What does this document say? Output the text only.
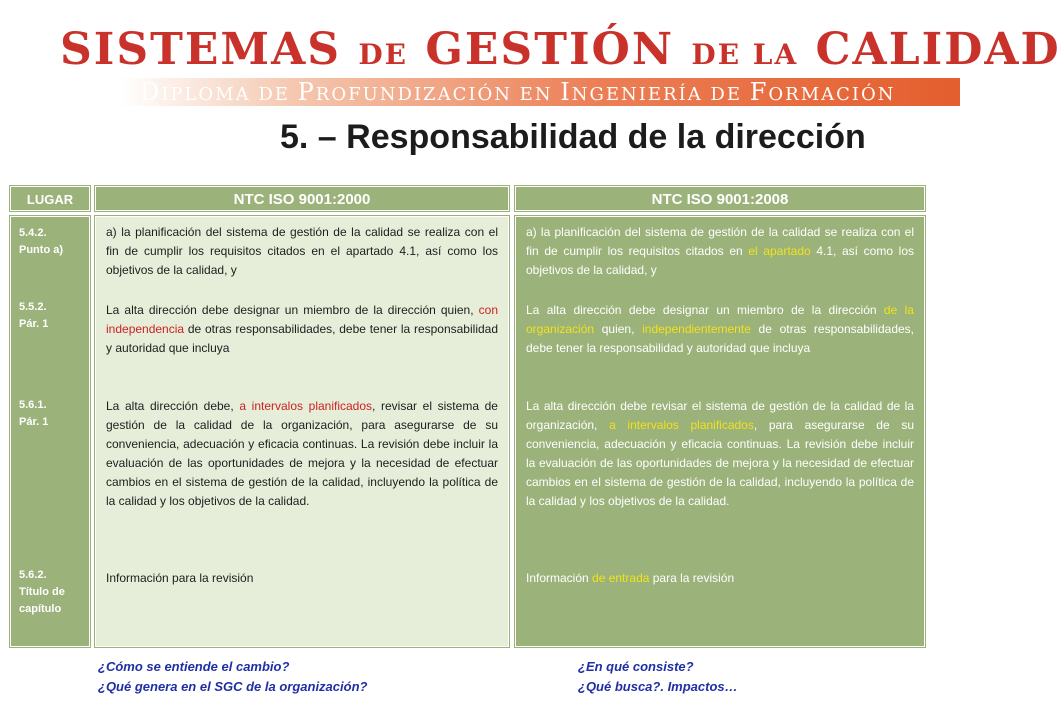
SISTEMAS DE GESTIÓN DE LA CALIDAD
DIPLOMA DE PROFUNDIZACIÓN EN INGENIERÍA DE FORMACIÓN
5. – Responsabilidad de la dirección
LUGAR	NTC ISO 9001:2000	NTC ISO 9001:2008
5.4.2.
Punto a)
5.5.2.
Pár. 1
5.6.1.
Pár. 1
5.6.2.
Título de
capítulo
a) la planificación del sistema de gestión de la calidad se realiza con el fin de cumplir los requisitos citados en el apartado 4.1, así como los objetivos de la calidad, y
La alta dirección debe designar un miembro de la dirección quien, con independencia de otras responsabilidades, debe tener la responsabilidad y autoridad que incluya
La alta dirección debe, a intervalos planificados, revisar el sistema de gestión de la calidad de la organización, para asegurarse de su conveniencia, adecuación y eficacia continuas. La revisión debe incluir la evaluación de las oportunidades de mejora y la necesidad de efectuar cambios en el sistema de gestión de la calidad, incluyendo la política de la calidad y los objetivos de la calidad.
Información para la revisión
a) la planificación del sistema de gestión de la calidad se realiza con el fin de cumplir los requisitos citados en el apartado 4.1, así como los objetivos de la calidad, y
La alta dirección debe designar un miembro de la dirección de la organización quien, independientemente de otras responsabilidades, debe tener la responsabilidad y autoridad que incluya
La alta dirección debe revisar el sistema de gestión de la calidad de la organización, a intervalos planificados, para asegurarse de su conveniencia, adecuación y eficacia continuas. La revisión debe incluir la evaluación de las oportunidades de mejora y la necesidad de efectuar cambios en el sistema de gestión de la calidad, incluyendo la política de la calidad y los objetivos de la calidad.
Información de entrada para la revisión
¿Cómo se entiende el cambio?
¿Qué genera en el SGC de la organización?
¿En qué consiste?
¿Qué busca?. Impactos…
